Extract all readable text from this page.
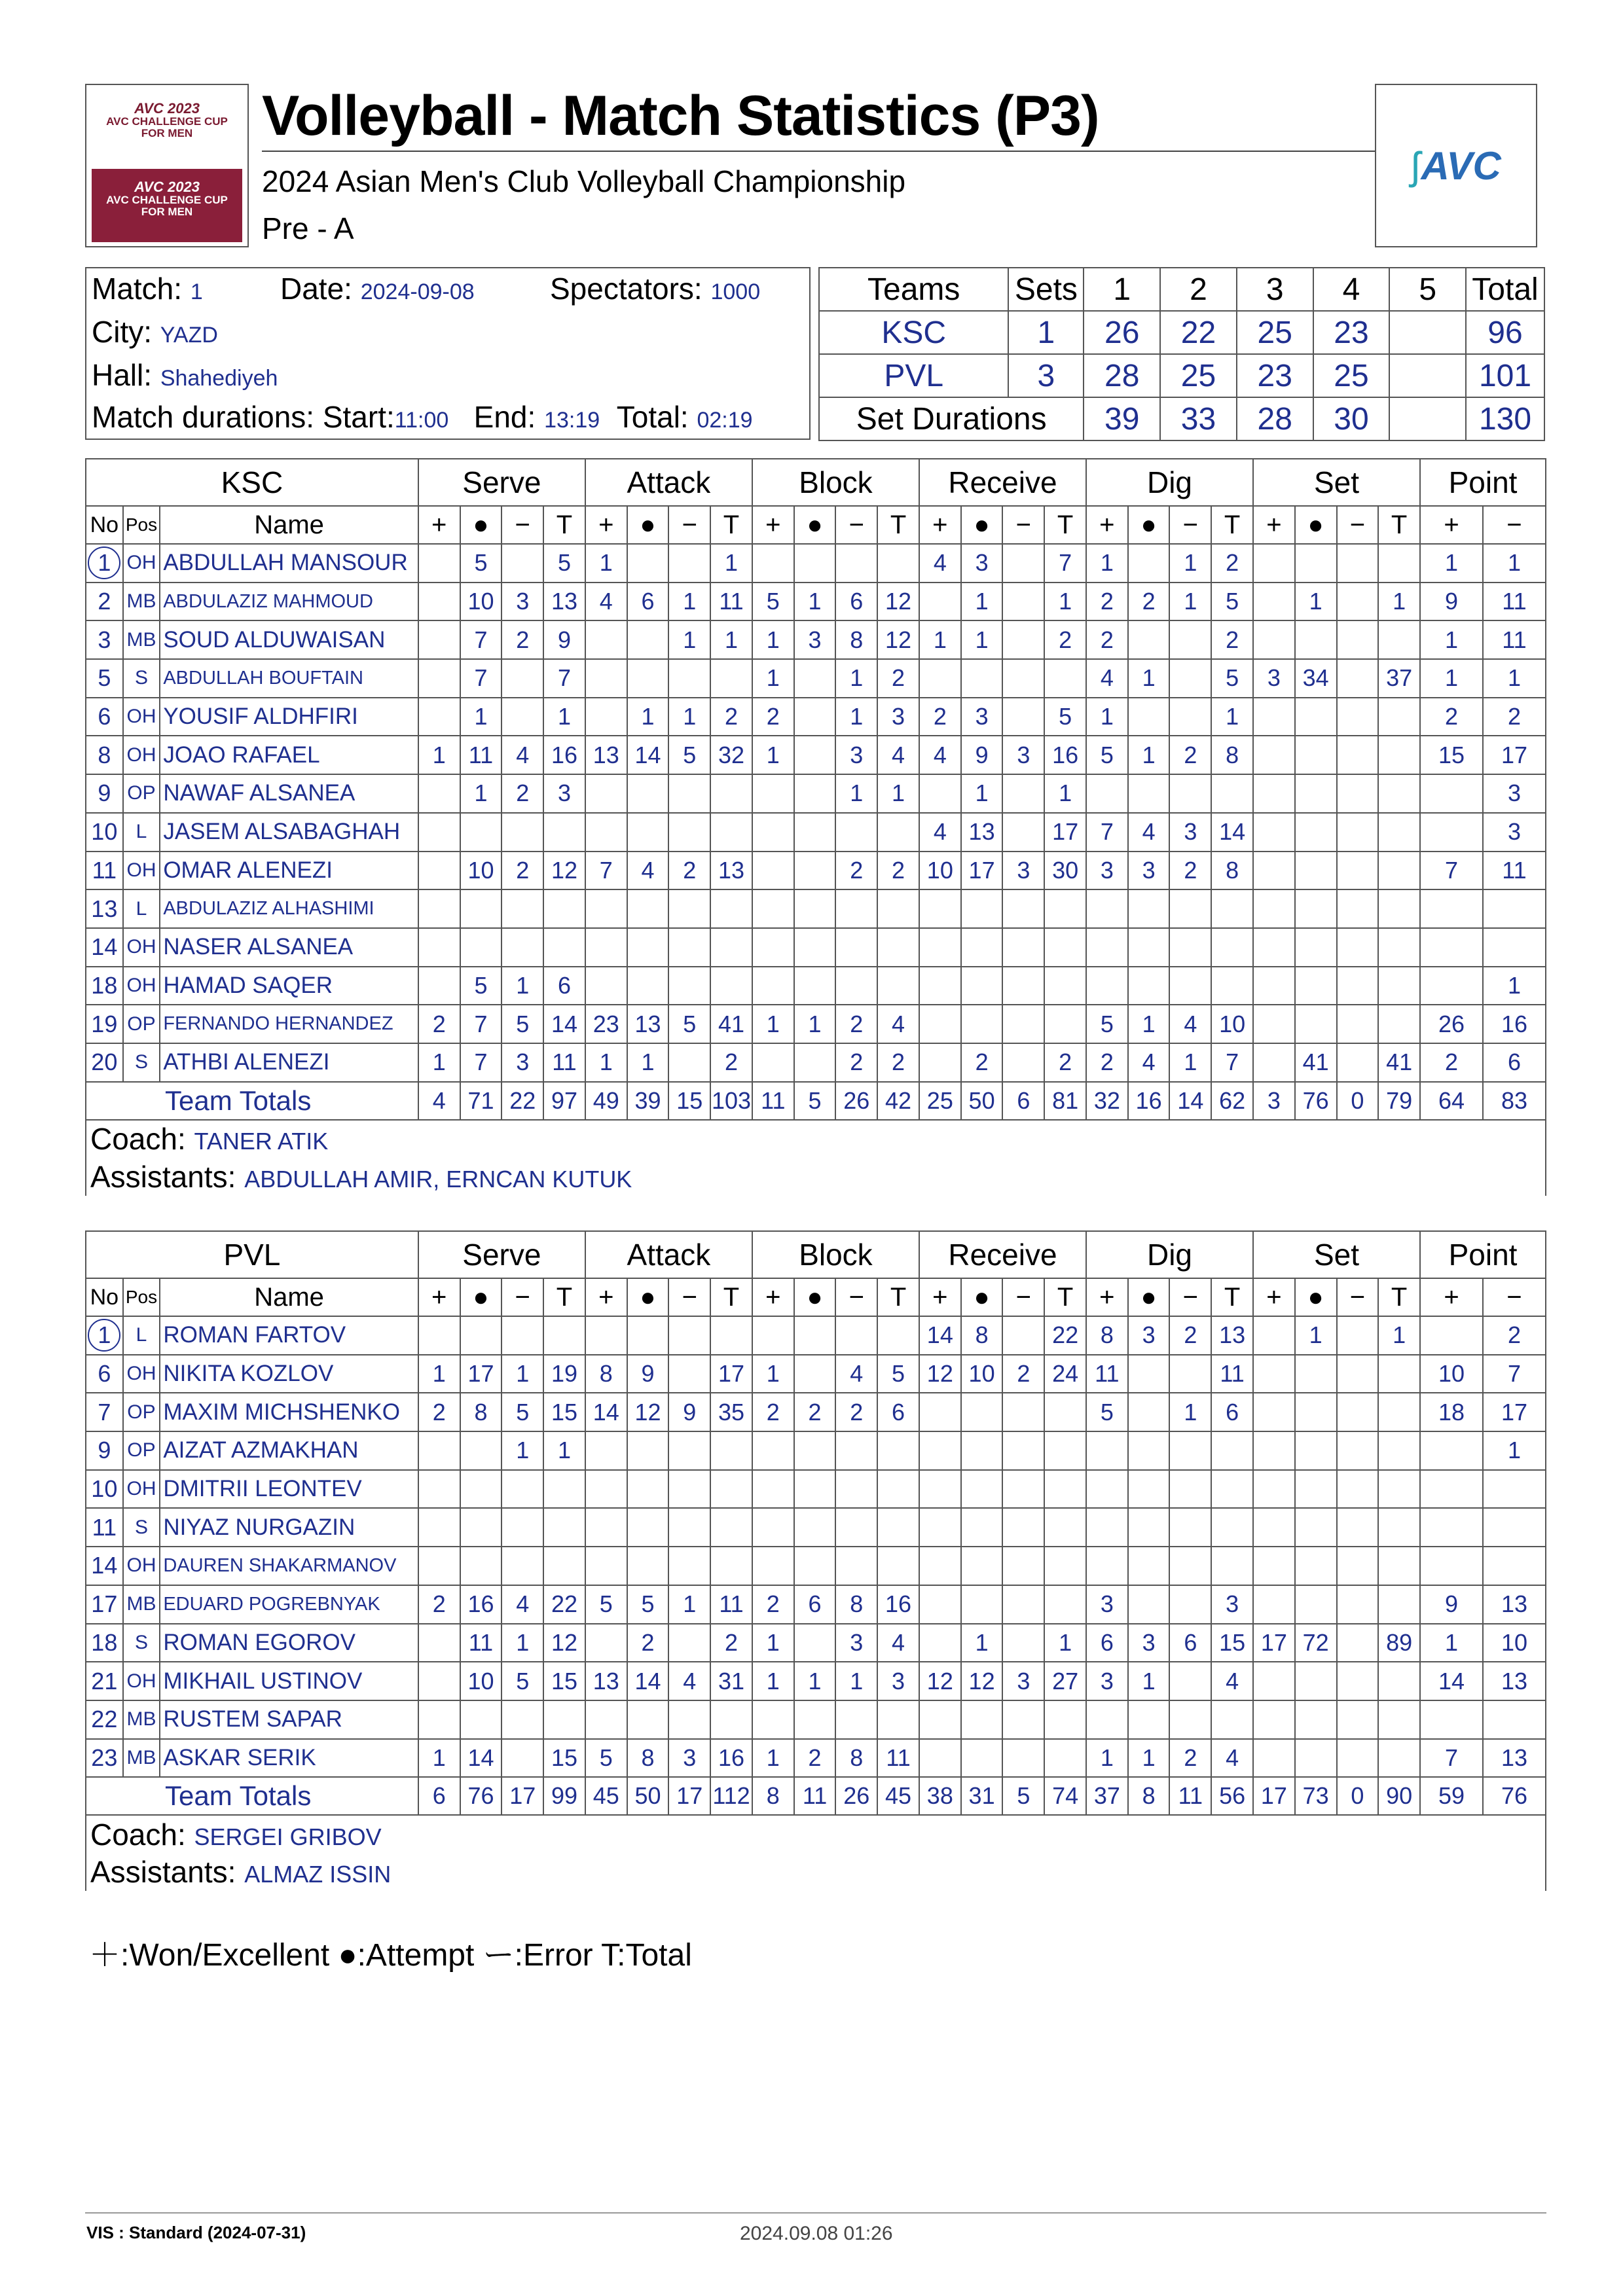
AVC 2023
AVC CHALLENGE CUP
FOR MEN
AVC 2023
AVC CHALLENGE CUP
FOR MEN
Volleyball - Match Statistics (P3)
2024 Asian Men's Club Volleyball Championship
Pre - A
ʃ AVC
Match: 1	Date: 2024-09-08	Spectators: 1000
City: YAZD
Hall: Shahediyeh
Match durations: Start:11:00 End: 13:19 Total: 02:19
Teams	Sets	1	2	3	4	5	Total
KSC	1	26	22	25	23		96
PVL	3	28	25	23	25		101
Set Durations		39	33	28	30		130
KSC			Serve				Attack				Block				Receive				Dig				Set				Point	
No	Pos	Name	+	●	−	T	+	●	−	T	+	●	−	T	+	●	−	T	+	●	−	T	+	●	−	T	+	−
1	OH	ABDULLAH MANSOUR		5		5	1			1					4	3		7	1		1	2					1	1
2	MB	ABDULAZIZ MAHMOUD		10	3	13	4	6	1	11	5	1	6	12		1		1	2	2	1	5		1		1	9	11
3	MB	SOUD ALDUWAISAN		7	2	9			1	1	1	3	8	12	1	1		2	2			2					1	11
5	S	ABDULLAH BOUFTAIN		7		7					1		1	2					4	1		5	3	34		37	1	1
6	OH	YOUSIF ALDHFIRI		1		1		1	1	2	2		1	3	2	3		5	1			1					2	2
8	OH	JOAO RAFAEL	1	11	4	16	13	14	5	32	1		3	4	4	9	3	16	5	1	2	8					15	17
9	OP	NAWAF ALSANEA		1	2	3							1	1		1		1										3
10	L	JASEM ALSABAGHAH													4	13		17	7	4	3	14						3
11	OH	OMAR ALENEZI		10	2	12	7	4	2	13			2	2	10	17	3	30	3	3	2	8					7	11
13	L	ABDULAZIZ ALHASHIMI																										
14	OH	NASER ALSANEA																										
18	OH	HAMAD SAQER		5	1	6																						1
19	OP	FERNANDO HERNANDEZ	2	7	5	14	23	13	5	41	1	1	2	4					5	1	4	10					26	16
20	S	ATHBI ALENEZI	1	7	3	11	1	1		2			2	2		2		2	2	4	1	7		41		41	2	6
Team Totals			4	71	22	97	49	39	15	103	11	5	26	42	25	50	6	81	32	16	14	62	3	76	0	79	64	83
Coach: TANER ATIK																												
Assistants: ABDULLAH AMIR, ERNCAN KUTUK																												
PVL			Serve				Attack				Block				Receive				Dig				Set				Point	
No	Pos	Name	+	●	−	T	+	●	−	T	+	●	−	T	+	●	−	T	+	●	−	T	+	●	−	T	+	−
1	L	ROMAN FARTOV													14	8		22	8	3	2	13		1		1		2
6	OH	NIKITA KOZLOV	1	17	1	19	8	9		17	1		4	5	12	10	2	24	11			11					10	7
7	OP	MAXIM MICHSHENKO	2	8	5	15	14	12	9	35	2	2	2	6					5		1	6					18	17
9	OP	AIZAT AZMAKHAN			1	1																						1
10	OH	DMITRII LEONTEV																										
11	S	NIYAZ NURGAZIN																										
14	OH	DAUREN SHAKARMANOV																										
17	MB	EDUARD POGREBNYAK	2	16	4	22	5	5	1	11	2	6	8	16					3			3					9	13
18	S	ROMAN EGOROV		11	1	12		2		2	1		3	4		1		1	6	3	6	15	17	72		89	1	10
21	OH	MIKHAIL USTINOV		10	5	15	13	14	4	31	1	1	1	3	12	12	3	27	3	1		4					14	13
22	MB	RUSTEM SAPAR																										
23	MB	ASKAR SERIK	1	14		15	5	8	3	16	1	2	8	11					1	1	2	4					7	13
Team Totals			6	76	17	99	45	50	17	112	8	11	26	45	38	31	5	74	37	8	11	56	17	73	0	90	59	76
Coach: SERGEI GRIBOV																												
Assistants: ALMAZ ISSIN																												
＋:Won/Excellent ●:Attempt ー:Error T:Total
VIS : Standard (2024-07-31)	2024.09.08 01:26
